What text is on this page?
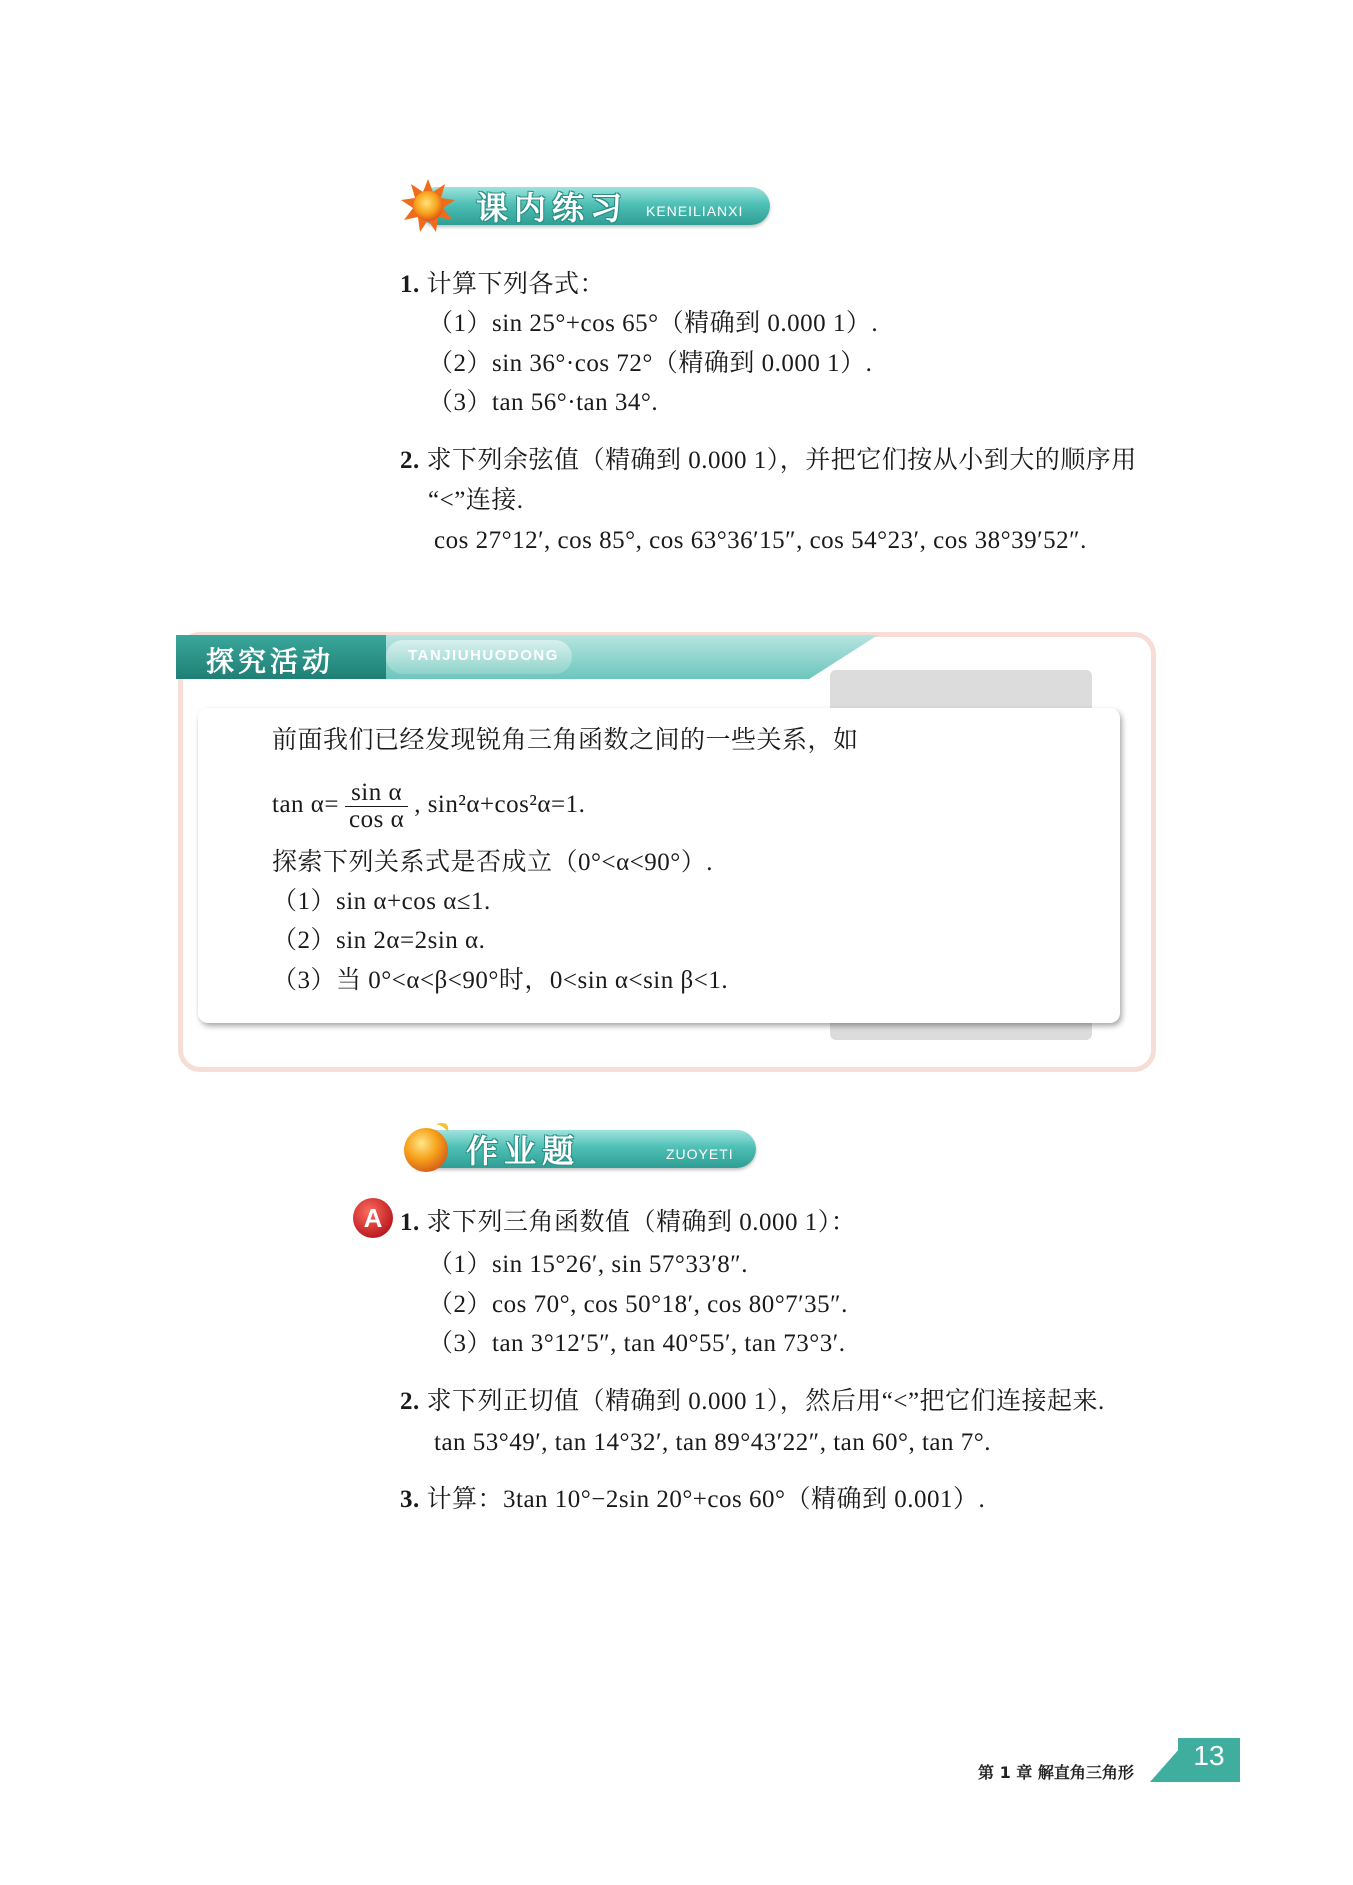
课内练习 KENEILIANXI
1. 计算下列各式：
（1）sin 25°+cos 65°（精确到 0.000 1）.
（2）sin 36°·cos 72°（精确到 0.000 1）.
（3）tan 56°·tan 34°.
2. 求下列余弦值（精确到 0.000 1），并把它们按从小到大的顺序用
“<”连接.
cos 27°12′, cos 85°, cos 63°36′15″, cos 54°23′, cos 38°39′52″.
探究活动	TANJIUHUODONG
前面我们已经发现锐角三角函数之间的一些关系，如
$\tan \alpha= \frac{\text{sin α}}{\text{cos α}}$ , sin²α+cos²α=1.
探索下列关系式是否成立（0°<α<90°）.
（1）sin α+cos α≤1.
（2）sin 2α=2sin α.
（3）当 0°<α<β<90°时，0<sin α<sin β<1.
作业题	ZUOYETI
A 1. 求下列三角函数值（精确到 0.000 1）：
（1）sin 15°26′, sin 57°33′8″.
（2）cos 70°, cos 50°18′, cos 80°7′35″.
（3）tan 3°12′5″, tan 40°55′, tan 73°3′.
2. 求下列正切值（精确到 0.000 1），然后用“<”把它们连接起来.
tan 53°49′, tan 14°32′, tan 89°43′22″, tan 60°, tan 7°.
3. 计算：3tan 10°−2sin 20°+cos 60°（精确到 0.001）.
第 1 章 解直角三角形
13
